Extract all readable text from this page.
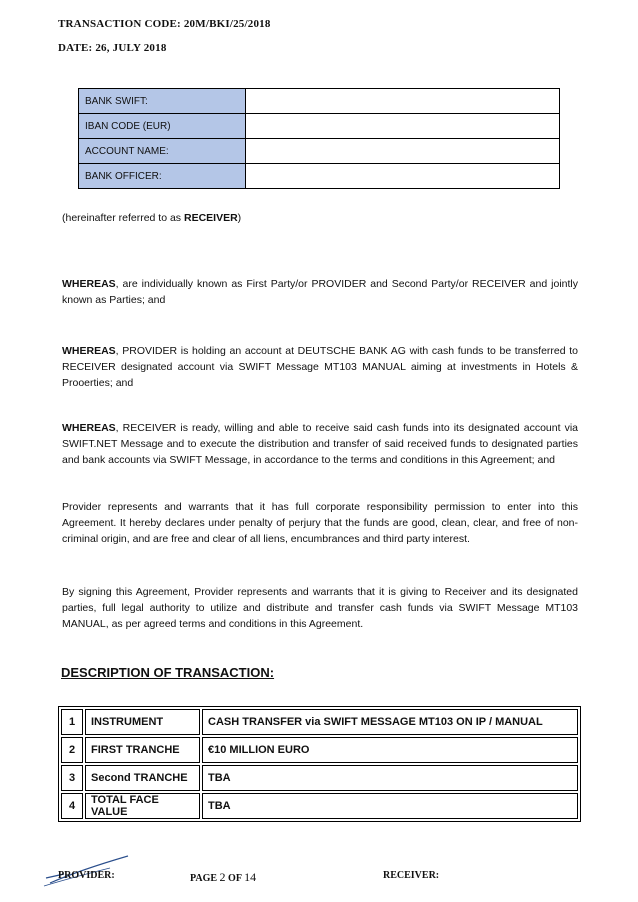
TRANSACTION CODE: 20M/BKI/25/2018
DATE: 26, JULY 2018
BANK SWIFT:	
IBAN CODE (EUR)	
ACCOUNT NAME:	
BANK OFFICER:	

(hereinafter referred to as RECEIVER)

WHEREAS, are individually known as First Party/or PROVIDER and Second Party/or RECEIVER and jointly known as Parties; and

WHEREAS, PROVIDER is holding an account at DEUTSCHE BANK AG with cash funds to be transferred to RECEIVER designated account via SWIFT Message MT103 MANUAL aiming at investments in Hotels & Prooerties; and

WHEREAS, RECEIVER is ready, willing and able to receive said cash funds into its designated account via SWIFT.NET Message and to execute the distribution and transfer of said received funds to designated parties and bank accounts via SWIFT Message, in accordance to the terms and conditions in this Agreement; and

Provider represents and warrants that it has full corporate responsibility permission to enter into this Agreement. It hereby declares under penalty of perjury that the funds are good, clean, clear, and free of non-criminal origin, and are free and clear of all liens, encumbrances and third party interest.

By signing this Agreement, Provider represents and warrants that it is giving to Receiver and its designated parties, full legal authority to utilize and distribute and transfer cash funds via SWIFT Message MT103 MANUAL, as per agreed terms and conditions in this Agreement.

DESCRIPTION OF TRANSACTION:
1	INSTRUMENT	CASH TRANSFER via SWIFT MESSAGE MT103 ON IP / MANUAL
2	FIRST TRANCHE	€10 MILLION EURO
3	Second TRANCHE	TBA
4	TOTAL FACE VALUE	TBA
PROVIDER:	PAGE 2 OF 14	RECEIVER:
